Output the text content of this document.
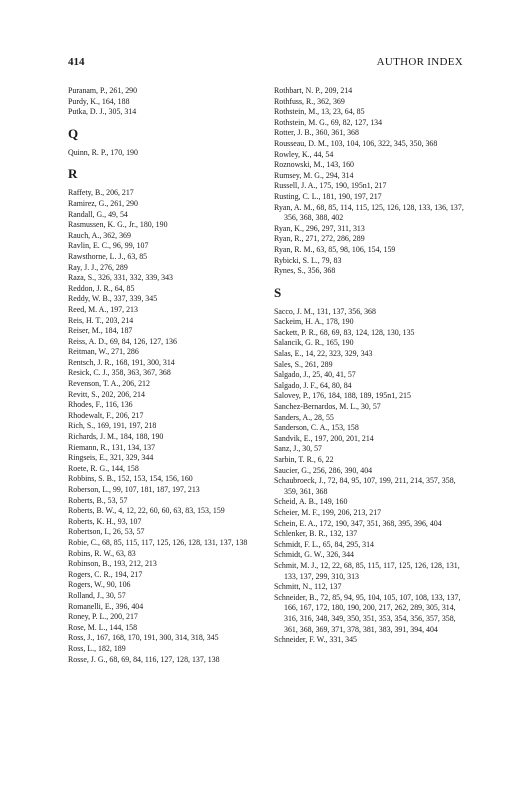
414	AUTHOR INDEX
Puranam, P., 261, 290
Purdy, K., 164, 188
Putka, D. J., 305, 314
Q
Quinn, R. P., 170, 190
R
Raffety, B., 206, 217
Ramirez, G., 261, 290
Randall, G., 49, 54
Rasmussen, K. G., Jr., 180, 190
Rauch, A., 362, 369
Ravlin, E. C., 96, 99, 107
Rawsthorne, L. J., 63, 85
Ray, J. J., 276, 289
Raza, S., 326, 331, 332, 339, 343
Reddon, J. R., 64, 85
Reddy, W. B., 337, 339, 345
Reed, M. A., 197, 213
Reis, H. T., 203, 214
Reiser, M., 184, 187
Reiss, A. D., 69, 84, 126, 127, 136
Reitman, W., 271, 286
Rentsch, J. R., 168, 191, 300, 314
Resick, C. J., 358, 363, 367, 368
Revenson, T. A., 206, 212
Revitt, S., 202, 206, 214
Rhodes, F., 116, 136
Rhodewalt, F., 206, 217
Rich, S., 169, 191, 197, 218
Richards, J. M., 184, 188, 190
Riemann, R., 131, 134, 137
Ringseis, E., 321, 329, 344
Roete, R. G., 144, 158
Robbins, S. B., 152, 153, 154, 156, 160
Roberson, L., 99, 107, 181, 187, 197, 213
Roberts, B., 53, 57
Roberts, B. W., 4, 12, 22, 60, 60, 63, 83, 153, 159
Roberts, K. H., 93, 107
Robertson, I., 26, 53, 57
Robie, C., 68, 85, 115, 117, 125, 126, 128, 131, 137, 138
Robins, R. W., 63, 83
Robinson, B., 193, 212, 213
Rogers, C. R., 194, 217
Rogers, W., 90, 106
Rolland, J., 30, 57
Romanelli, E., 396, 404
Roney, P. L., 200, 217
Rose, M. L., 144, 158
Ross, J., 167, 168, 170, 191, 300, 314, 318, 345
Ross, L., 182, 189
Rosse, J. G., 68, 69, 84, 116, 127, 128, 137, 138
Rothbart, N. P., 209, 214
Rothfuss, R., 362, 369
Rothstein, M., 13, 23, 64, 85
Rothstein, M. G., 69, 82, 127, 134
Rotter, J. B., 360, 361, 368
Rousseau, D. M., 103, 104, 106, 322, 345, 350, 368
Rowley, K., 44, 54
Roznowski, M., 143, 160
Rumsey, M. G., 294, 314
Russell, J. A., 175, 190, 195n1, 217
Rusting, C. L., 181, 190, 197, 217
Ryan, A. M., 68, 85, 114, 115, 125, 126, 128, 133, 136, 137, 356, 368, 388, 402
Ryan, K., 296, 297, 311, 313
Ryan, R., 271, 272, 286, 289
Ryan, R. M., 63, 85, 98, 106, 154, 159
Rybicki, S. L., 79, 83
Rynes, S., 356, 368
S
Sacco, J. M., 131, 137, 356, 368
Sackeim, H. A., 178, 190
Sackett, P. R., 68, 69, 83, 124, 128, 130, 135
Salancik, G. R., 165, 190
Salas, E., 14, 22, 323, 329, 343
Sales, S., 261, 289
Salgado, J., 25, 40, 41, 57
Salgado, J. F., 64, 80, 84
Salovey, P., 176, 184, 188, 189, 195n1, 215
Sanchez-Bernardos, M. L., 30, 57
Sanders, A., 28, 55
Sanderson, C. A., 153, 158
Sandvik, E., 197, 200, 201, 214
Sanz, J., 30, 57
Sarbin, T. R., 6, 22
Saucier, G., 256, 286, 390, 404
Schaubroeck, J., 72, 84, 95, 107, 199, 211, 214, 357, 358, 359, 361, 368
Scheid, A. B., 149, 160
Scheier, M. F., 199, 206, 213, 217
Schein, E. A., 172, 190, 347, 351, 368, 395, 396, 404
Schlenker, B. R., 132, 137
Schmidt, F. L., 65, 84, 295, 314
Schmidt, G. W., 326, 344
Schmit, M. J., 12, 22, 68, 85, 115, 117, 125, 126, 128, 131, 133, 137, 299, 310, 313
Schmitt, N., 112, 137
Schneider, B., 72, 85, 94, 95, 104, 105, 107, 108, 133, 137, 166, 167, 172, 180, 190, 200, 217, 262, 289, 305, 314, 316, 316, 348, 349, 350, 351, 353, 354, 356, 357, 358, 361, 368, 369, 371, 378, 381, 383, 391, 394, 404
Schneider, F. W., 331, 345
